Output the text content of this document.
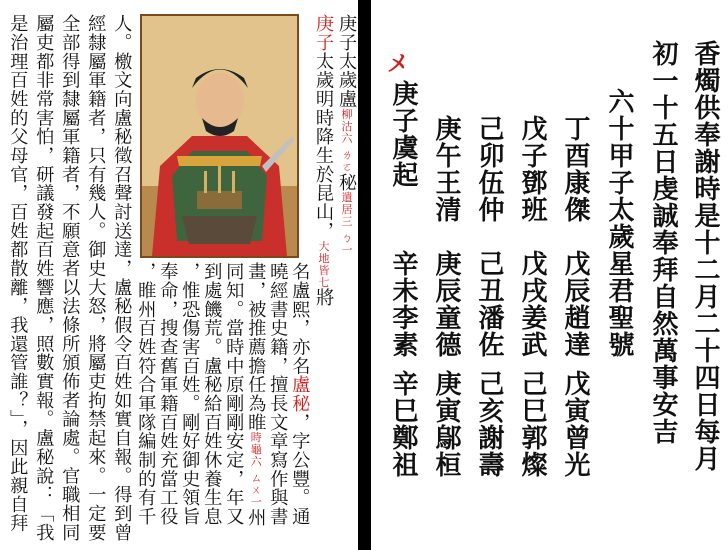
庚子太歲盧柳沽六 ㄌㄛ秘遣居三 ㄅ一
庚子太歲明時降生於昆山，大地皆七將
名盧熙，亦名盧秘，字公豐。通
曉經書史籍，擅長文章寫作與書
畫，被推薦擔任為睢時龜六 ㄙㄨ一州
同知。當時中原剛剛安定，年又
到處饑荒。盧秘給百姓休養生息
，惟恐傷害百姓。剛好御史領旨
奉命，搜查舊軍籍百姓充當工役
，睢州百姓符合軍隊編制的有千
人。檄文向盧秘徵召聲討送達，盧秘假令百姓如實自報。得到曾
經隸屬軍籍者，只有幾人。御史大怒，將屬吏拘禁起來。一定要
全部得到隸屬軍籍者，不願意者以法條所頒佈者論處。官職相同
屬吏都非常害怕，研議發起百姓響應，照數實報。盧秘說：「我
是治理百姓的父母官，百姓都散離，我還管誰？」，因此親自拜	香燭供奉謝時是十二月二十四日每月
初一十五日虔誠奉拜自然萬事安吉
六十甲子太歲星君聖號
丁酉康傑
戊辰趙達
戊寅曾光
戊子鄧班
戊戌姜武
己巳郭燦
己卯伍仲
己丑潘佐
己亥謝壽
庚午王清
庚辰童德
庚寅鄔桓
庚子虞起
辛未李素
辛巳鄭祖
メ
